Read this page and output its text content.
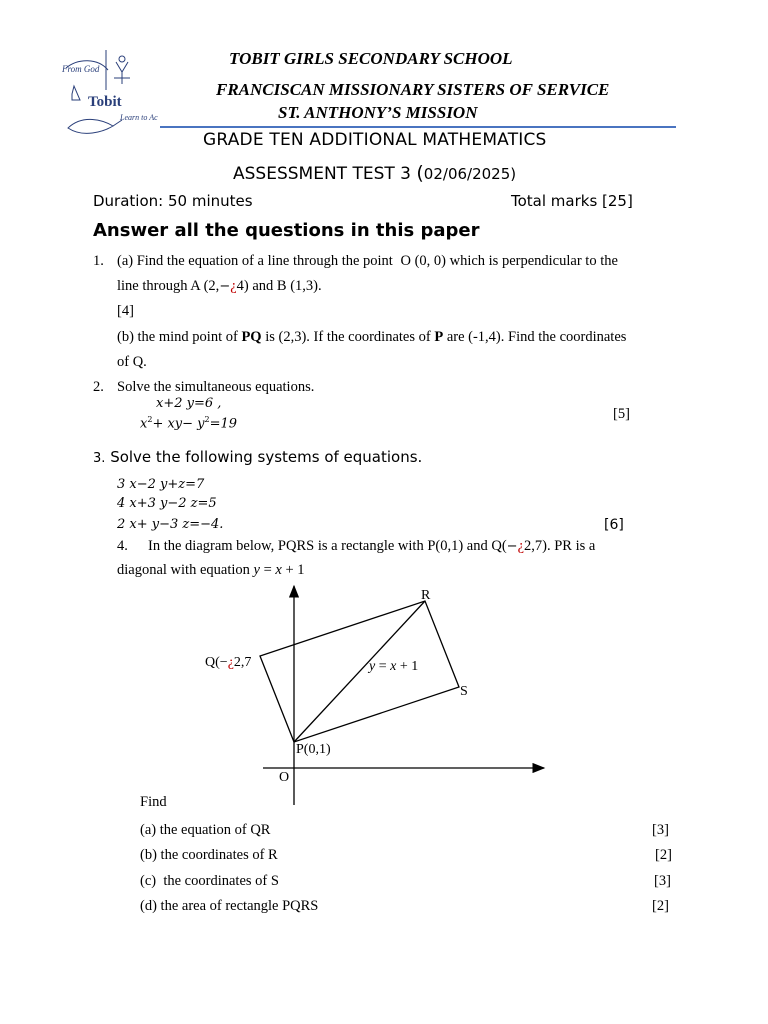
From God
Tobit
Learn to Act
TOBIT GIRLS SECONDARY SCHOOL
FRANCISCAN MISSIONARY SISTERS OF SERVICE
ST. ANTHONY’S MISSION
GRADE TEN ADDITIONAL MATHEMATICS
ASSESSMENT TEST 3 (02/06/2025)
Duration: 50 minutes	Total marks [25]
Answer all the questions in this paper
1. (a) Find the equation of a line through the point O (0, 0) which is perpendicular to the
line through A (2,−¿4) and B (1,3).
[4]
(b) the mind point of PQ is (2,3). If the coordinates of P are (-1,4). Find the coordinates
of Q.
2. Solve the simultaneous equations.
x+2 y=6 ,
$x^2+ xy- y^2=19$
[5]
3. Solve the following systems of equations.
3 x−2 y+z=7
4 x+3 y−2 z=5
2 x+ y−3 z=−4.	[6]
4. In the diagram below, PQRS is a rectangle with P(0,1) and Q(−¿2,7). PR is a
diagonal with equation y = x + 1
R
S
P(0,1)
O
Q(−¿2,7	y = x + 1
Find
(a) the equation of QR	[3]
(b) the coordinates of R	[2]
(c)  the coordinates of S	[3]
(d) the area of rectangle PQRS	[2]
